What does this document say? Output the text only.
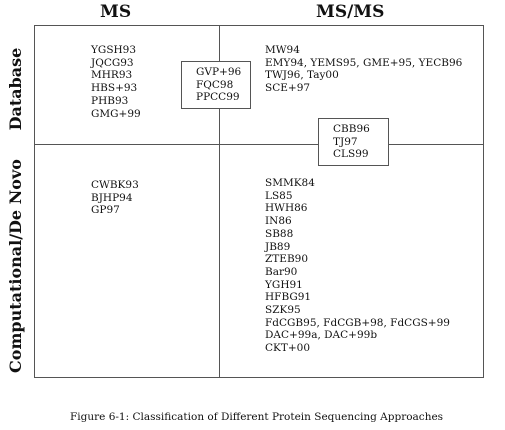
MS	MS/MS
Database
Computational/De Novo
YGSH93
JQCG93
MHR93
HBS+93
PHB93
GMG+99
MW94
EMY94, YEMS95, GME+95, YECB96
TWJ96, Tay00
SCE+97
CWBK93
BJHP94
GP97
SMMK84
LS85
HWH86
IN86
SB88
JB89
ZTEB90
Bar90
YGH91
HFBG91
SZK95
FdCGB95, FdCGB+98, FdCGS+99
DAC+99a, DAC+99b
CKT+00
GVP+96
FQC98
PPCC99
CBB96
TJ97
CLS99
Figure 6-1: Classification of Different Protein Sequencing Approaches
